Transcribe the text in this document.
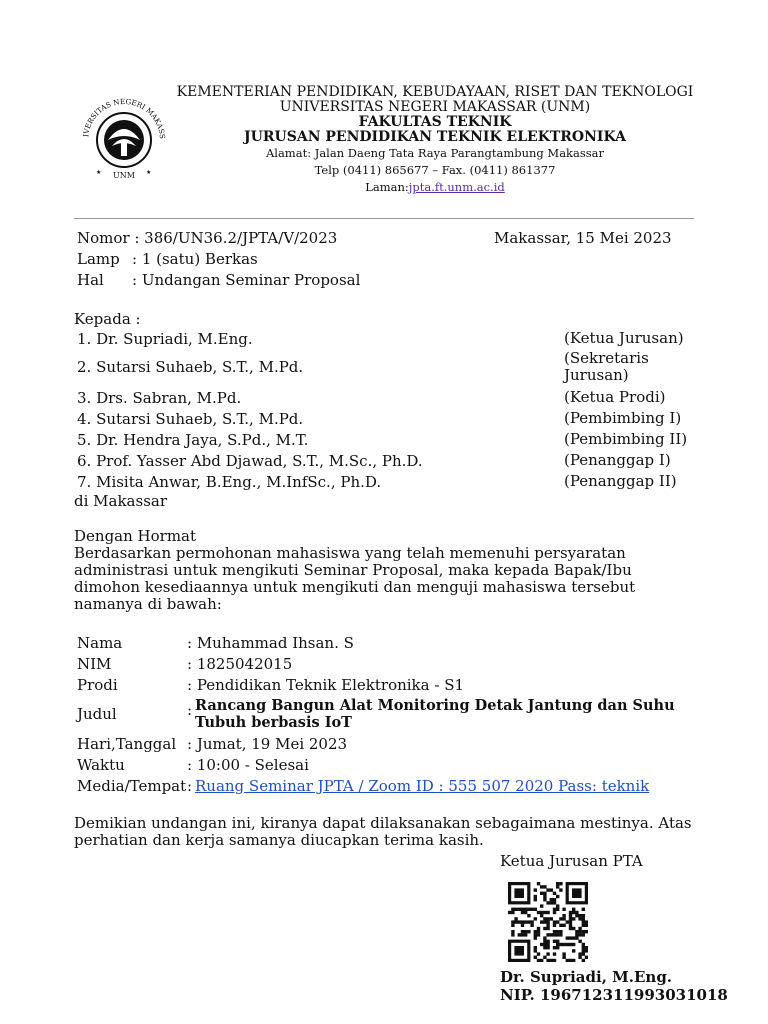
IVERSITAS NEGERI MAKASS
UNM
★	★
KEMENTERIAN PENDIDIKAN, KEBUDAYAAN, RISET DAN TEKNOLOGI
UNIVERSITAS NEGERI MAKASSAR (UNM)
FAKULTAS TEKNIK
JURUSAN PENDIDIKAN TEKNIK ELEKTRONIKA
Alamat: Jalan Daeng Tata Raya Parangtambung Makassar
Telp (0411) 865677 – Fax. (0411) 861377
Laman:jpta.ft.unm.ac.id
Nomor : 386/UN36.2/JPTA/V/2023	Makassar, 15 Mei 2023
Lamp : 1 (satu) Berkas
Hal : Undangan Seminar Proposal
Kepada :
1. Dr. Supriadi, M.Eng.	(Ketua Jurusan)
2. Sutarsi Suhaeb, S.T., M.Pd.	(Sekretaris Jurusan)
3. Drs. Sabran, M.Pd.	(Ketua Prodi)
4. Sutarsi Suhaeb, S.T., M.Pd.	(Pembimbing I)
5. Dr. Hendra Jaya, S.Pd., M.T.	(Pembimbing II)
6. Prof. Yasser Abd Djawad, S.T., M.Sc., Ph.D.	(Penanggap I)
7. Misita Anwar, B.Eng., M.InfSc., Ph.D.	(Penanggap II)
di Makassar
Dengan Hormat
Berdasarkan permohonan mahasiswa yang telah memenuhi persyaratan administrasi untuk mengikuti Seminar Proposal, maka kepada Bapak/Ibu dimohon kesediaannya untuk mengikuti dan menguji mahasiswa tersebut namanya di bawah:
Nama	: Muhammad Ihsan. S
NIM	: 1825042015
Prodi	: Pendidikan Teknik Elektronika - S1
Judul	: Rancang Bangun Alat Monitoring Detak Jantung dan Suhu Tubuh berbasis IoT
Hari,Tanggal : Jumat, 19 Mei 2023
Waktu	: 10:00 - Selesai
Media/Tempat : Ruang Seminar JPTA / Zoom ID : 555 507 2020 Pass: teknik
Demikian undangan ini, kiranya dapat dilaksanakan sebagaimana mestinya. Atas perhatian dan kerja samanya diucapkan terima kasih.
Ketua Jurusan PTA
Dr. Supriadi, M.Eng.
NIP. 196712311993031018
